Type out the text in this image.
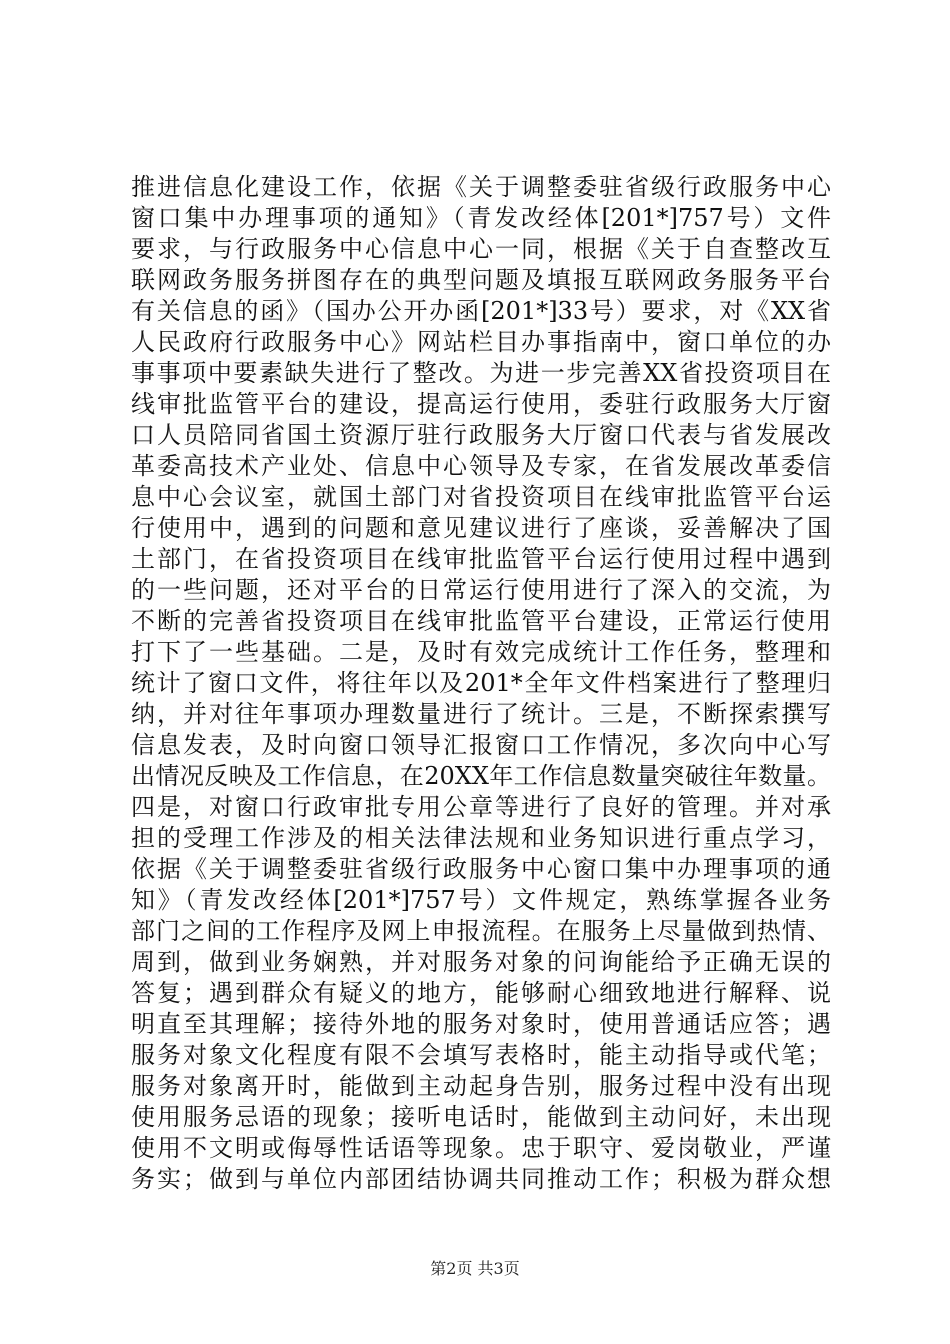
推进信息化建设工作，依据《关于调整委驻省级行政服务中心
窗口集中办理事项的通知》（青发改经体[201*]757号）文件
要求，与行政服务中心信息中心一同，根据《关于自查整改互
联网政务服务拼图存在的典型问题及填报互联网政务服务平台
有关信息的函》（国办公开办函[201*]33号）要求，对《XX省
人民政府行政服务中心》网站栏目办事指南中，窗口单位的办
事事项中要素缺失进行了整改。为进一步完善XX省投资项目在
线审批监管平台的建设，提高运行使用，委驻行政服务大厅窗
口人员陪同省国土资源厅驻行政服务大厅窗口代表与省发展改
革委高技术产业处、信息中心领导及专家，在省发展改革委信
息中心会议室，就国土部门对省投资项目在线审批监管平台运
行使用中，遇到的问题和意见建议进行了座谈，妥善解决了国
土部门，在省投资项目在线审批监管平台运行使用过程中遇到
的一些问题，还对平台的日常运行使用进行了深入的交流，为
不断的完善省投资项目在线审批监管平台建设，正常运行使用
打下了一些基础。二是，及时有效完成统计工作任务，整理和
统计了窗口文件，将往年以及201*全年文件档案进行了整理归
纳，并对往年事项办理数量进行了统计。三是，不断探索撰写
信息发表，及时向窗口领导汇报窗口工作情况，多次向中心写
出情况反映及工作信息，在20XX年工作信息数量突破往年数量。
四是，对窗口行政审批专用公章等进行了良好的管理。并对承
担的受理工作涉及的相关法律法规和业务知识进行重点学习，
依据《关于调整委驻省级行政服务中心窗口集中办理事项的通
知》（青发改经体[201*]757号）文件规定，熟练掌握各业务
部门之间的工作程序及网上申报流程。在服务上尽量做到热情、
周到，做到业务娴熟，并对服务对象的问询能给予正确无误的
答复；遇到群众有疑义的地方，能够耐心细致地进行解释、说
明直至其理解；接待外地的服务对象时，使用普通话应答；遇
服务对象文化程度有限不会填写表格时，能主动指导或代笔；
服务对象离开时，能做到主动起身告别，服务过程中没有出现
使用服务忌语的现象；接听电话时，能做到主动问好，未出现
使用不文明或侮辱性话语等现象。忠于职守、爱岗敬业，严谨
务实；做到与单位内部团结协调共同推动工作；积极为群众想
第2页 共3页
